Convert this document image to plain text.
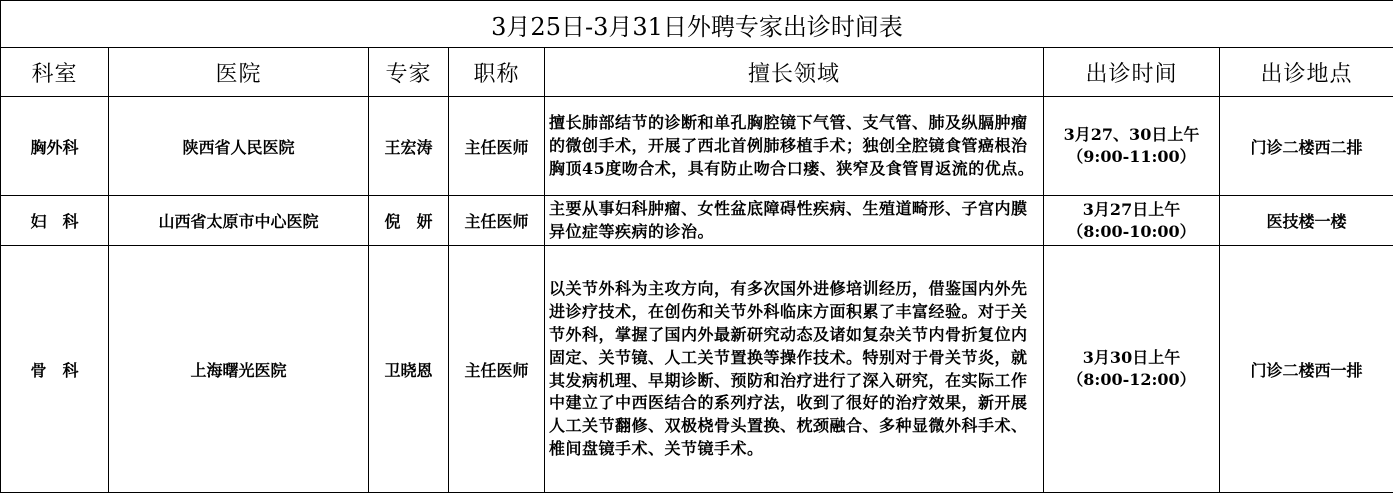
3月25日-3月31日外聘专家出诊时间表						
科室	医院	专家	职称	擅长领域	出诊时间	出诊地点
胸外科	陕西省人民医院	王宏涛	主任医师	擅长肺部结节的诊断和单孔胸腔镜下气管、支气管、肺及纵膈肿瘤的微创手术，开展了西北首例肺移植手术；独创全腔镜食管癌根治胸顶45度吻合术，具有防止吻合口瘘、狭窄及食管胃返流的优点。	3月27、30日上午
（9:00-11:00）	门诊二楼西二排
妇　科	山西省太原市中心医院	倪　妍	主任医师	主要从事妇科肿瘤、女性盆底障碍性疾病、生殖道畸形、子宫内膜异位症等疾病的诊治。	3月27日上午
（8:00-10:00）	医技楼一楼
骨　科	上海曙光医院	卫晓恩	主任医师	以关节外科为主攻方向，有多次国外进修培训经历，借鉴国内外先进诊疗技术，在创伤和关节外科临床方面积累了丰富经验。对于关节外科，掌握了国内外最新研究动态及诸如复杂关节内骨折复位内固定、关节镜、人工关节置换等操作技术。特别对于骨关节炎，就其发病机理、早期诊断、预防和治疗进行了深入研究，在实际工作中建立了中西医结合的系列疗法，收到了很好的治疗效果，新开展人工关节翻修、双极桡骨头置换、枕颈融合、多种显微外科手术、椎间盘镜手术、关节镜手术。	3月30日上午
（8:00-12:00）	门诊二楼西一排
